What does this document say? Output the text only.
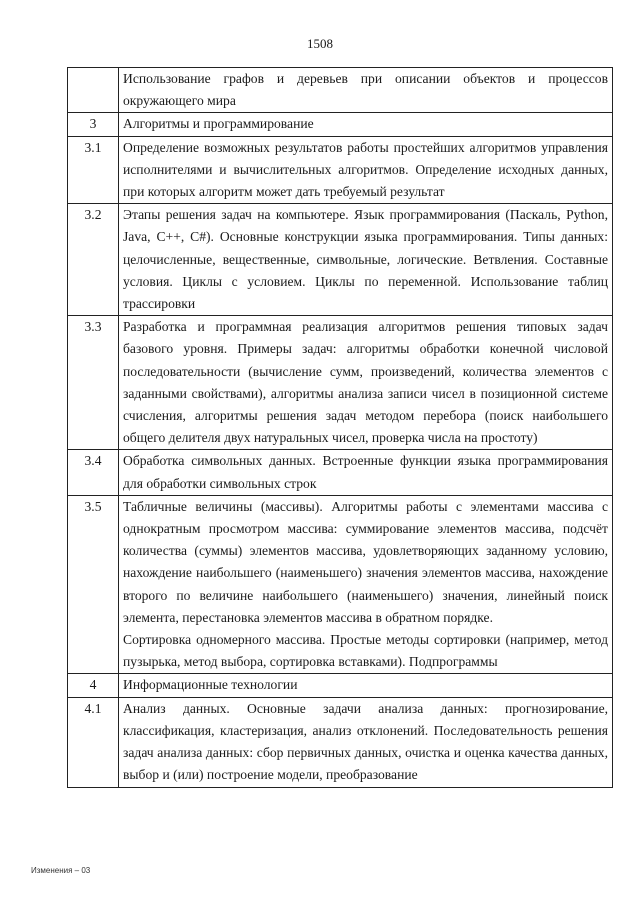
1508

	Использование графов и деревьев при описании объектов и процессов окружающего мира

3	Алгоритмы и программирование

3.1	Определение возможных результатов работы простейших алгоритмов управления исполнителями и вычислительных алгоритмов. Определение исходных данных, при которых алгоритм может дать требуемый результат

3.2	Этапы решения задач на компьютере. Язык программирования (Паскаль, Python, Java, C++, C#). Основные конструкции языка программирования. Типы данных: целочисленные, вещественные, символьные, логические. Ветвления. Составные условия. Циклы с условием. Циклы по переменной. Использование таблиц трассировки

3.3	Разработка и программная реализация алгоритмов решения типовых задач базового уровня. Примеры задач: алгоритмы обработки конечной числовой последовательности (вычисление сумм, произведений, количества элементов с заданными свойствами), алгоритмы анализа записи чисел в позиционной системе счисления, алгоритмы решения задач методом перебора (поиск наибольшего общего делителя двух натуральных чисел, проверка числа на простоту)

3.4	Обработка символьных данных. Встроенные функции языка программирования для обработки символьных строк

3.5	Табличные величины (массивы). Алгоритмы работы с элементами массива с однократным просмотром массива: суммирование элементов массива, подсчёт количества (суммы) элементов массива, удовлетворяющих заданному условию, нахождение наибольшего (наименьшего) значения элементов массива, нахождение второго по величине наибольшего (наименьшего) значения, линейный поиск элемента, перестановка элементов массива в обратном порядке.
Сортировка одномерного массива. Простые методы сортировки (например, метод пузырька, метод выбора, сортировка вставками). Подпрограммы

4	Информационные технологии

4.1	Анализ данных. Основные задачи анализа данных: прогнозирование, классификация, кластеризация, анализ отклонений. Последовательность решения задач анализа данных: сбор первичных данных, очистка и оценка качества данных, выбор и (или) построение модели, преобразование
Изменения – 03
